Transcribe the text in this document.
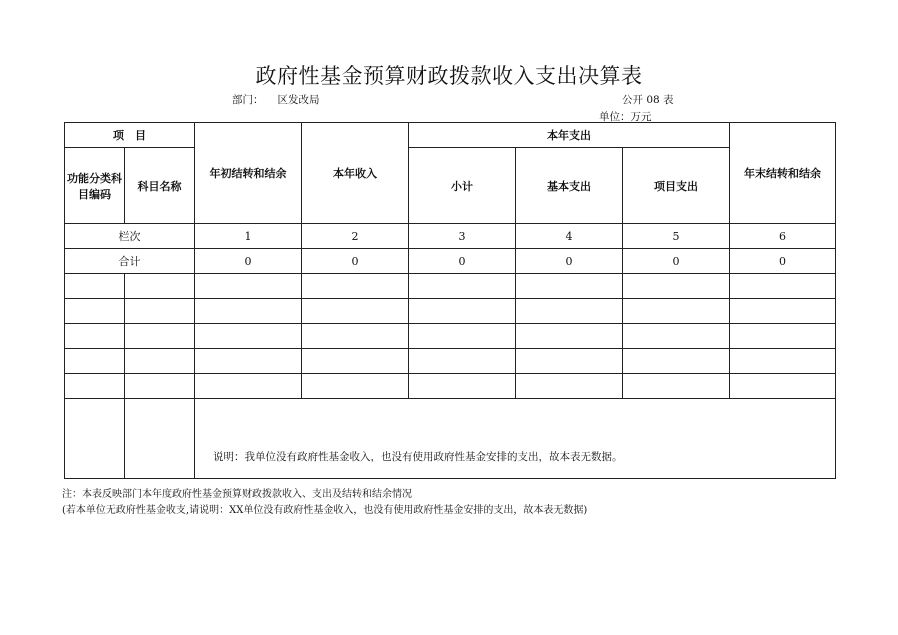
政府性基金预算财政拨款收入支出决算表
部门： 区发改局	公开 08 表
单位：万元
项　目		年初结转和结余	本年收入	本年支出			年末结转和结余
功能分类科目编码	科目名称			小计	基本支出	项目支出	
栏次		1	2	3	4	5	6
合计		0	0	0	0	0	0

		说明：我单位没有政府性基金收入，也没有使用政府性基金安排的支出，故本表无数据。					
注：本表反映部门本年度政府性基金预算财政拨款收入、支出及结转和结余情况
(若本单位无政府性基金收支,请说明：XX单位没有政府性基金收入，也没有使用政府性基金安排的支出，故本表无数据)
